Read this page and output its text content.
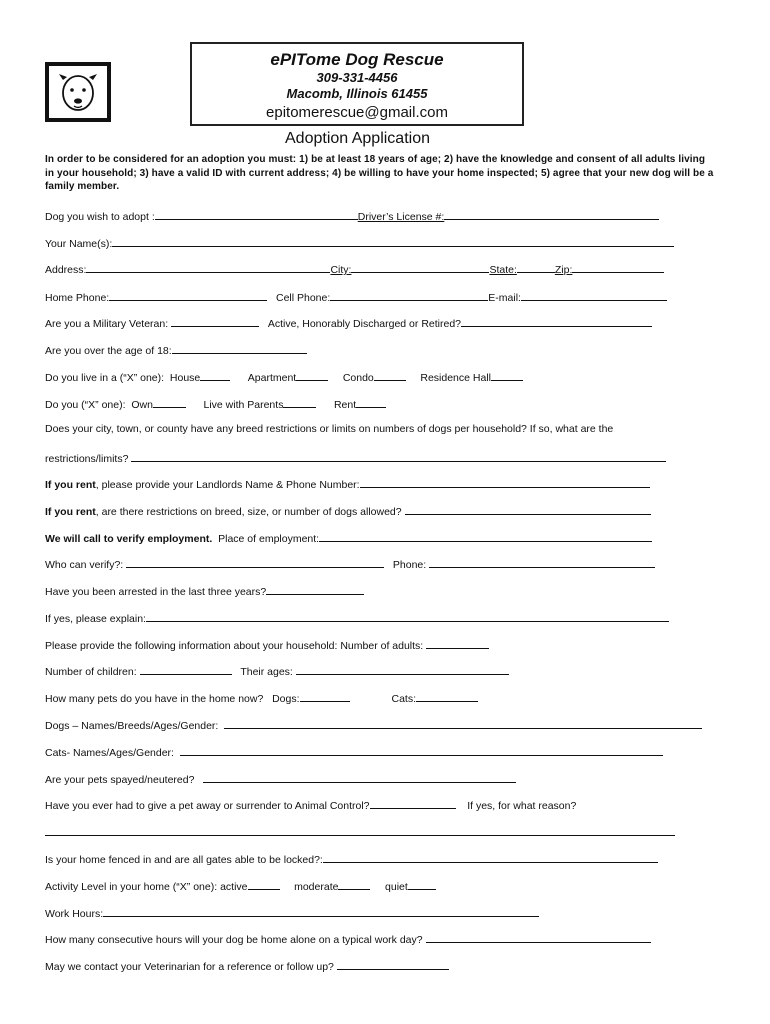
ePITome Dog Rescue
309-331-4456
Macomb, Illinois 61455
epitomerescue@gmail.com
Adoption Application
In order to be considered for an adoption you must: 1) be at least 18 years of age; 2) have the knowledge and consent of all adults living in your household; 3) have a valid ID with current address; 4) be willing to have your home inspected; 5) agree that your new dog will be a family member.
Dog you wish to adopt :	Driver’s License #:
Your Name(s):
Address:	City:	State:	Zip:
Home Phone:	Cell Phone:	E-mail:
Are you a Military Veteran:	Active, Honorably Discharged or Retired?
Are you over the age of 18:
Do you live in a (“X” one): House	Apartment	Condo	Residence Hall
Do you (“X” one): Own	Live with Parents	Rent
Does your city, town, or county have any breed restrictions or limits on numbers of dogs per household? If so, what are the
restrictions/limits?
If you rent, please provide your Landlords Name & Phone Number:
If you rent, are there restrictions on breed, size, or number of dogs allowed?
We will call to verify employment. Place of employment:
Who can verify?:	Phone:
Have you been arrested in the last three years?
If yes, please explain:
Please provide the following information about your household: Number of adults:
Number of children:	Their ages:
How many pets do you have in the home now? Dogs:	Cats:
Dogs – Names/Breeds/Ages/Gender:
Cats- Names/Ages/Gender:
Are your pets spayed/neutered?
Have you ever had to give a pet away or surrender to Animal Control?	If yes, for what reason?
Is your home fenced in and are all gates able to be locked?:
Activity Level in your home (“X” one): active	moderate	quiet
Work Hours:
How many consecutive hours will your dog be home alone on a typical work day?
May we contact your Veterinarian for a reference or follow up?
